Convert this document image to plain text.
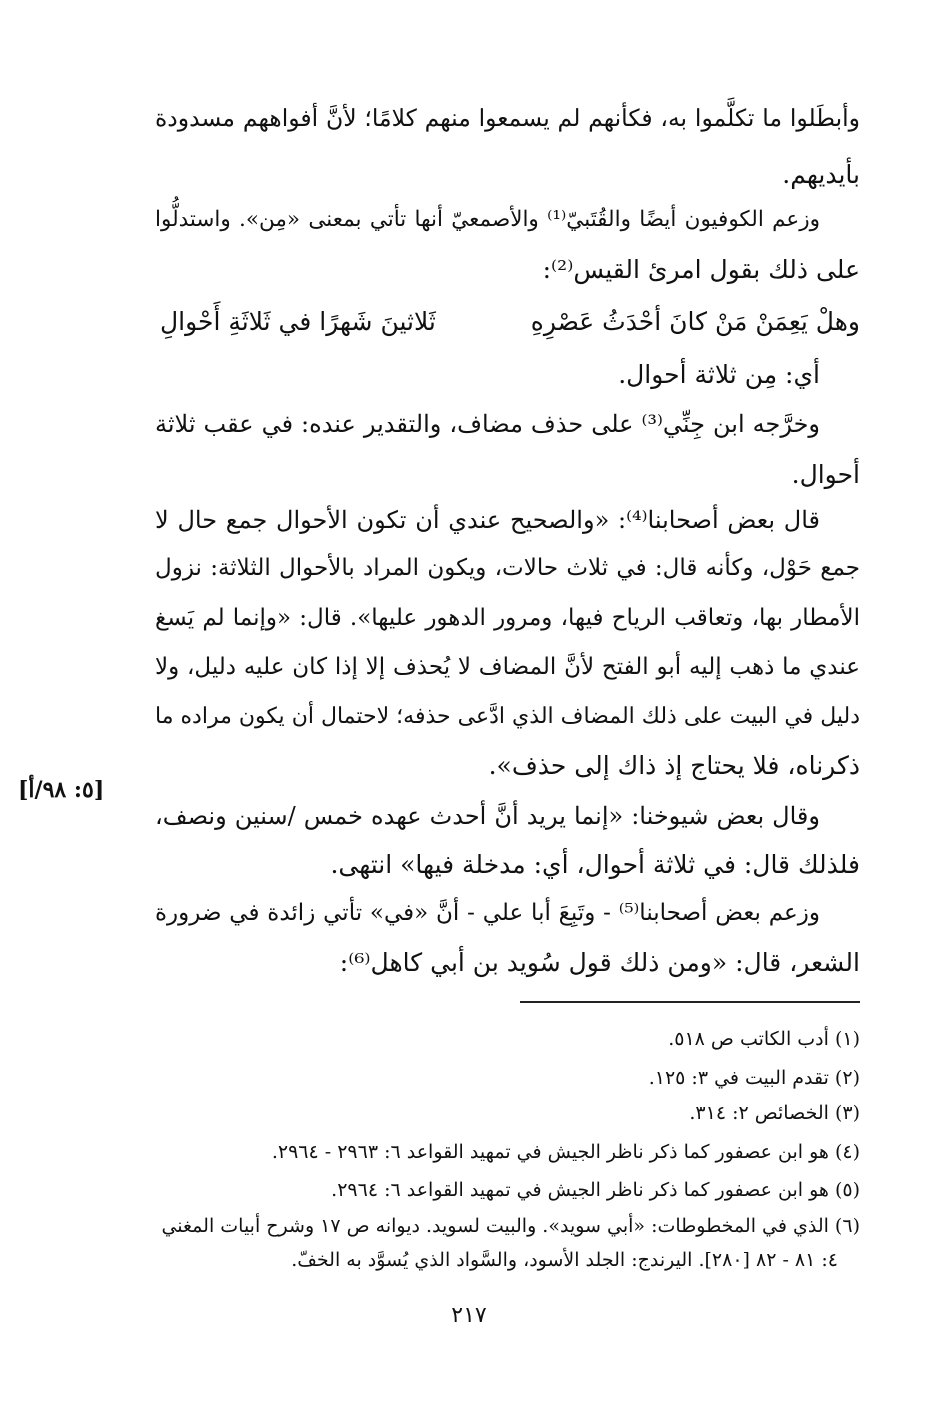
وأبطَلوا ما تكلَّموا به، فكأنهم لم يسمعوا منهم كلامًا؛ لأنَّ أفواههم مسدودة
بأيديهم.
وزعم الكوفيون أيضًا والقُتَبيّ⁽¹⁾ والأصمعيّ أنها تأتي بمعنى «مِن». واستدلُّوا
على ذلك بقول امرئ القيس⁽²⁾:
وهلْ يَعِمَنْ مَنْ كانَ أحْدَثُ عَصْرِهِ
ثَلاثينَ شَهرًا في ثَلاثَةِ أَحْوالِ
أي: مِن ثلاثة أحوال.
وخرَّجه ابن جِنِّي⁽³⁾ على حذف مضاف، والتقدير عنده: في عقب ثلاثة
أحوال.
قال بعض أصحابنا⁽⁴⁾: «والصحيح عندي أن تكون الأحوال جمع حال لا
جمع حَوْل، وكأنه قال: في ثلاث حالات، ويكون المراد بالأحوال الثلاثة: نزول
الأمطار بها، وتعاقب الرياح فيها، ومرور الدهور عليها». قال: «وإنما لم يَسغ
عندي ما ذهب إليه أبو الفتح لأنَّ المضاف لا يُحذف إلا إذا كان عليه دليل، ولا
دليل في البيت على ذلك المضاف الذي ادَّعى حذفه؛ لاحتمال أن يكون مراده ما
ذكرناه، فلا يحتاج إذ ذاك إلى حذف».
وقال بعض شيوخنا: «إنما يريد أنَّ أحدث عهده خمس /سنين ونصف،
فلذلك قال: في ثلاثة أحوال، أي: مدخلة فيها» انتهى.
وزعم بعض أصحابنا⁽⁵⁾ - وتَبِعَ أبا علي - أنَّ «في» تأتي زائدة في ضرورة
الشعر، قال: «ومن ذلك قول سُويد بن أبي كاهل⁽⁶⁾:
[٥: ٩٨/أ]
(١) أدب الكاتب ص ٥١٨.
(٢) تقدم البيت في ٣: ١٢٥.
(٣) الخصائص ٢: ٣١٤.
(٤) هو ابن عصفور كما ذكر ناظر الجيش في تمهيد القواعد ٦: ٢٩٦٣ - ٢٩٦٤.
(٥) هو ابن عصفور كما ذكر ناظر الجيش في تمهيد القواعد ٦: ٢٩٦٤.
(٦) الذي في المخطوطات: «أبي سويد». والبيت لسويد. ديوانه ص ١٧ وشرح أبيات المغني
٤: ٨١ - ٨٢ [٢٨٠]. اليرندج: الجلد الأسود، والسَّواد الذي يُسوَّد به الخفّ.
٢١٧
